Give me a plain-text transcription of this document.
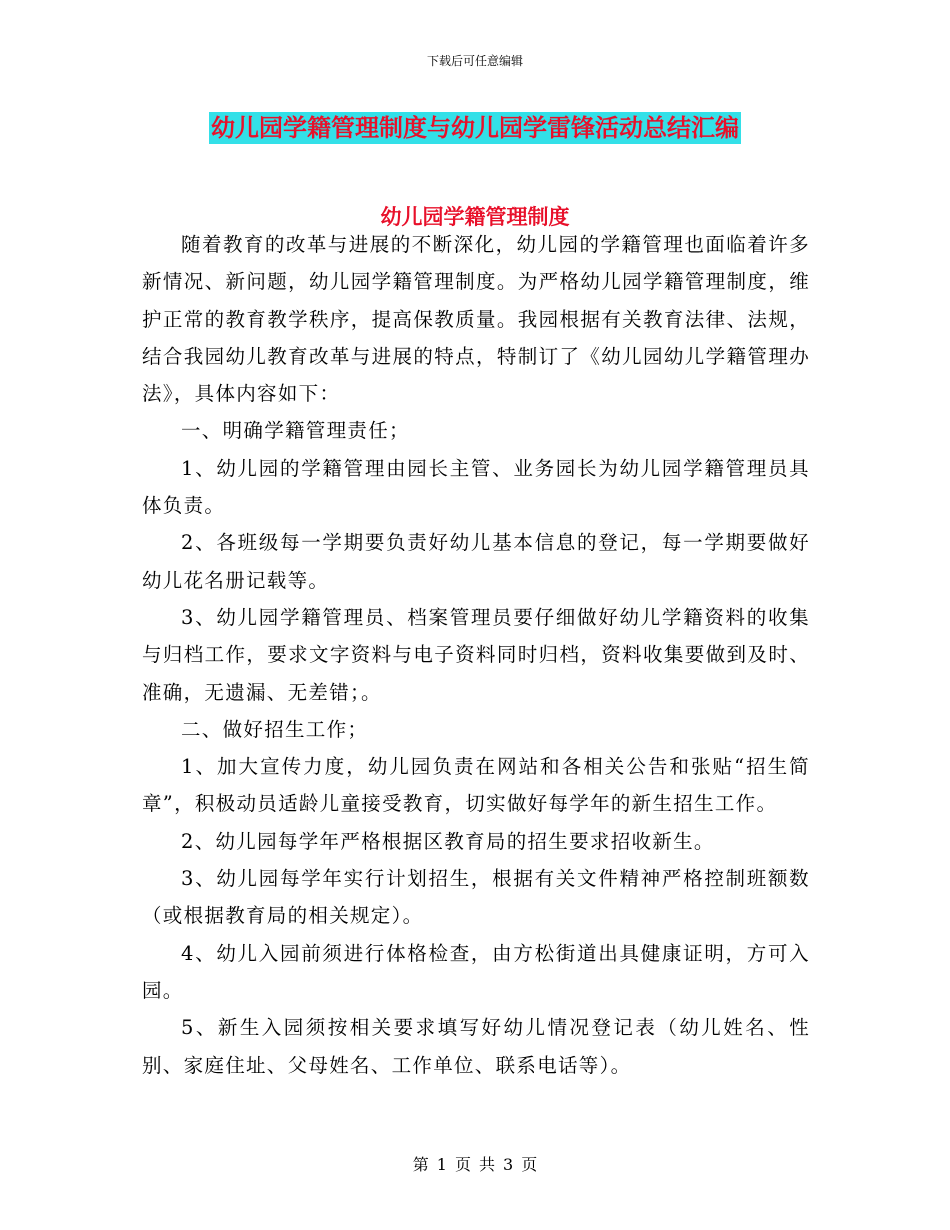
下载后可任意编辑
幼儿园学籍管理制度与幼儿园学雷锋活动总结汇编
幼儿园学籍管理制度

随着教育的改革与进展的不断深化，幼儿园的学籍管理也面临着许多新情况、新问题，幼儿园学籍管理制度。为严格幼儿园学籍管理制度，维护正常的教育教学秩序，提高保教质量。我园根据有关教育法律、法规，结合我园幼儿教育改革与进展的特点，特制订了《幼儿园幼儿学籍管理办法》，具体内容如下：

一、明确学籍管理责任；

1、幼儿园的学籍管理由园长主管、业务园长为幼儿园学籍管理员具体负责。

2、各班级每一学期要负责好幼儿基本信息的登记，每一学期要做好幼儿花名册记载等。

3、幼儿园学籍管理员、档案管理员要仔细做好幼儿学籍资料的收集与归档工作，要求文字资料与电子资料同时归档，资料收集要做到及时、准确，无遗漏、无差错；。

二、做好招生工作；

1、加大宣传力度，幼儿园负责在网站和各相关公告和张贴“招生简章”，积极动员适龄儿童接受教育，切实做好每学年的新生招生工作。

2、幼儿园每学年严格根据区教育局的招生要求招收新生。

3、幼儿园每学年实行计划招生，根据有关文件精神严格控制班额数（或根据教育局的相关规定）。

4、幼儿入园前须进行体格检查，由方松街道出具健康证明，方可入园。

5、新生入园须按相关要求填写好幼儿情况登记表（幼儿姓名、性别、家庭住址、父母姓名、工作单位、联系电话等）。

第 1 页 共 3 页
